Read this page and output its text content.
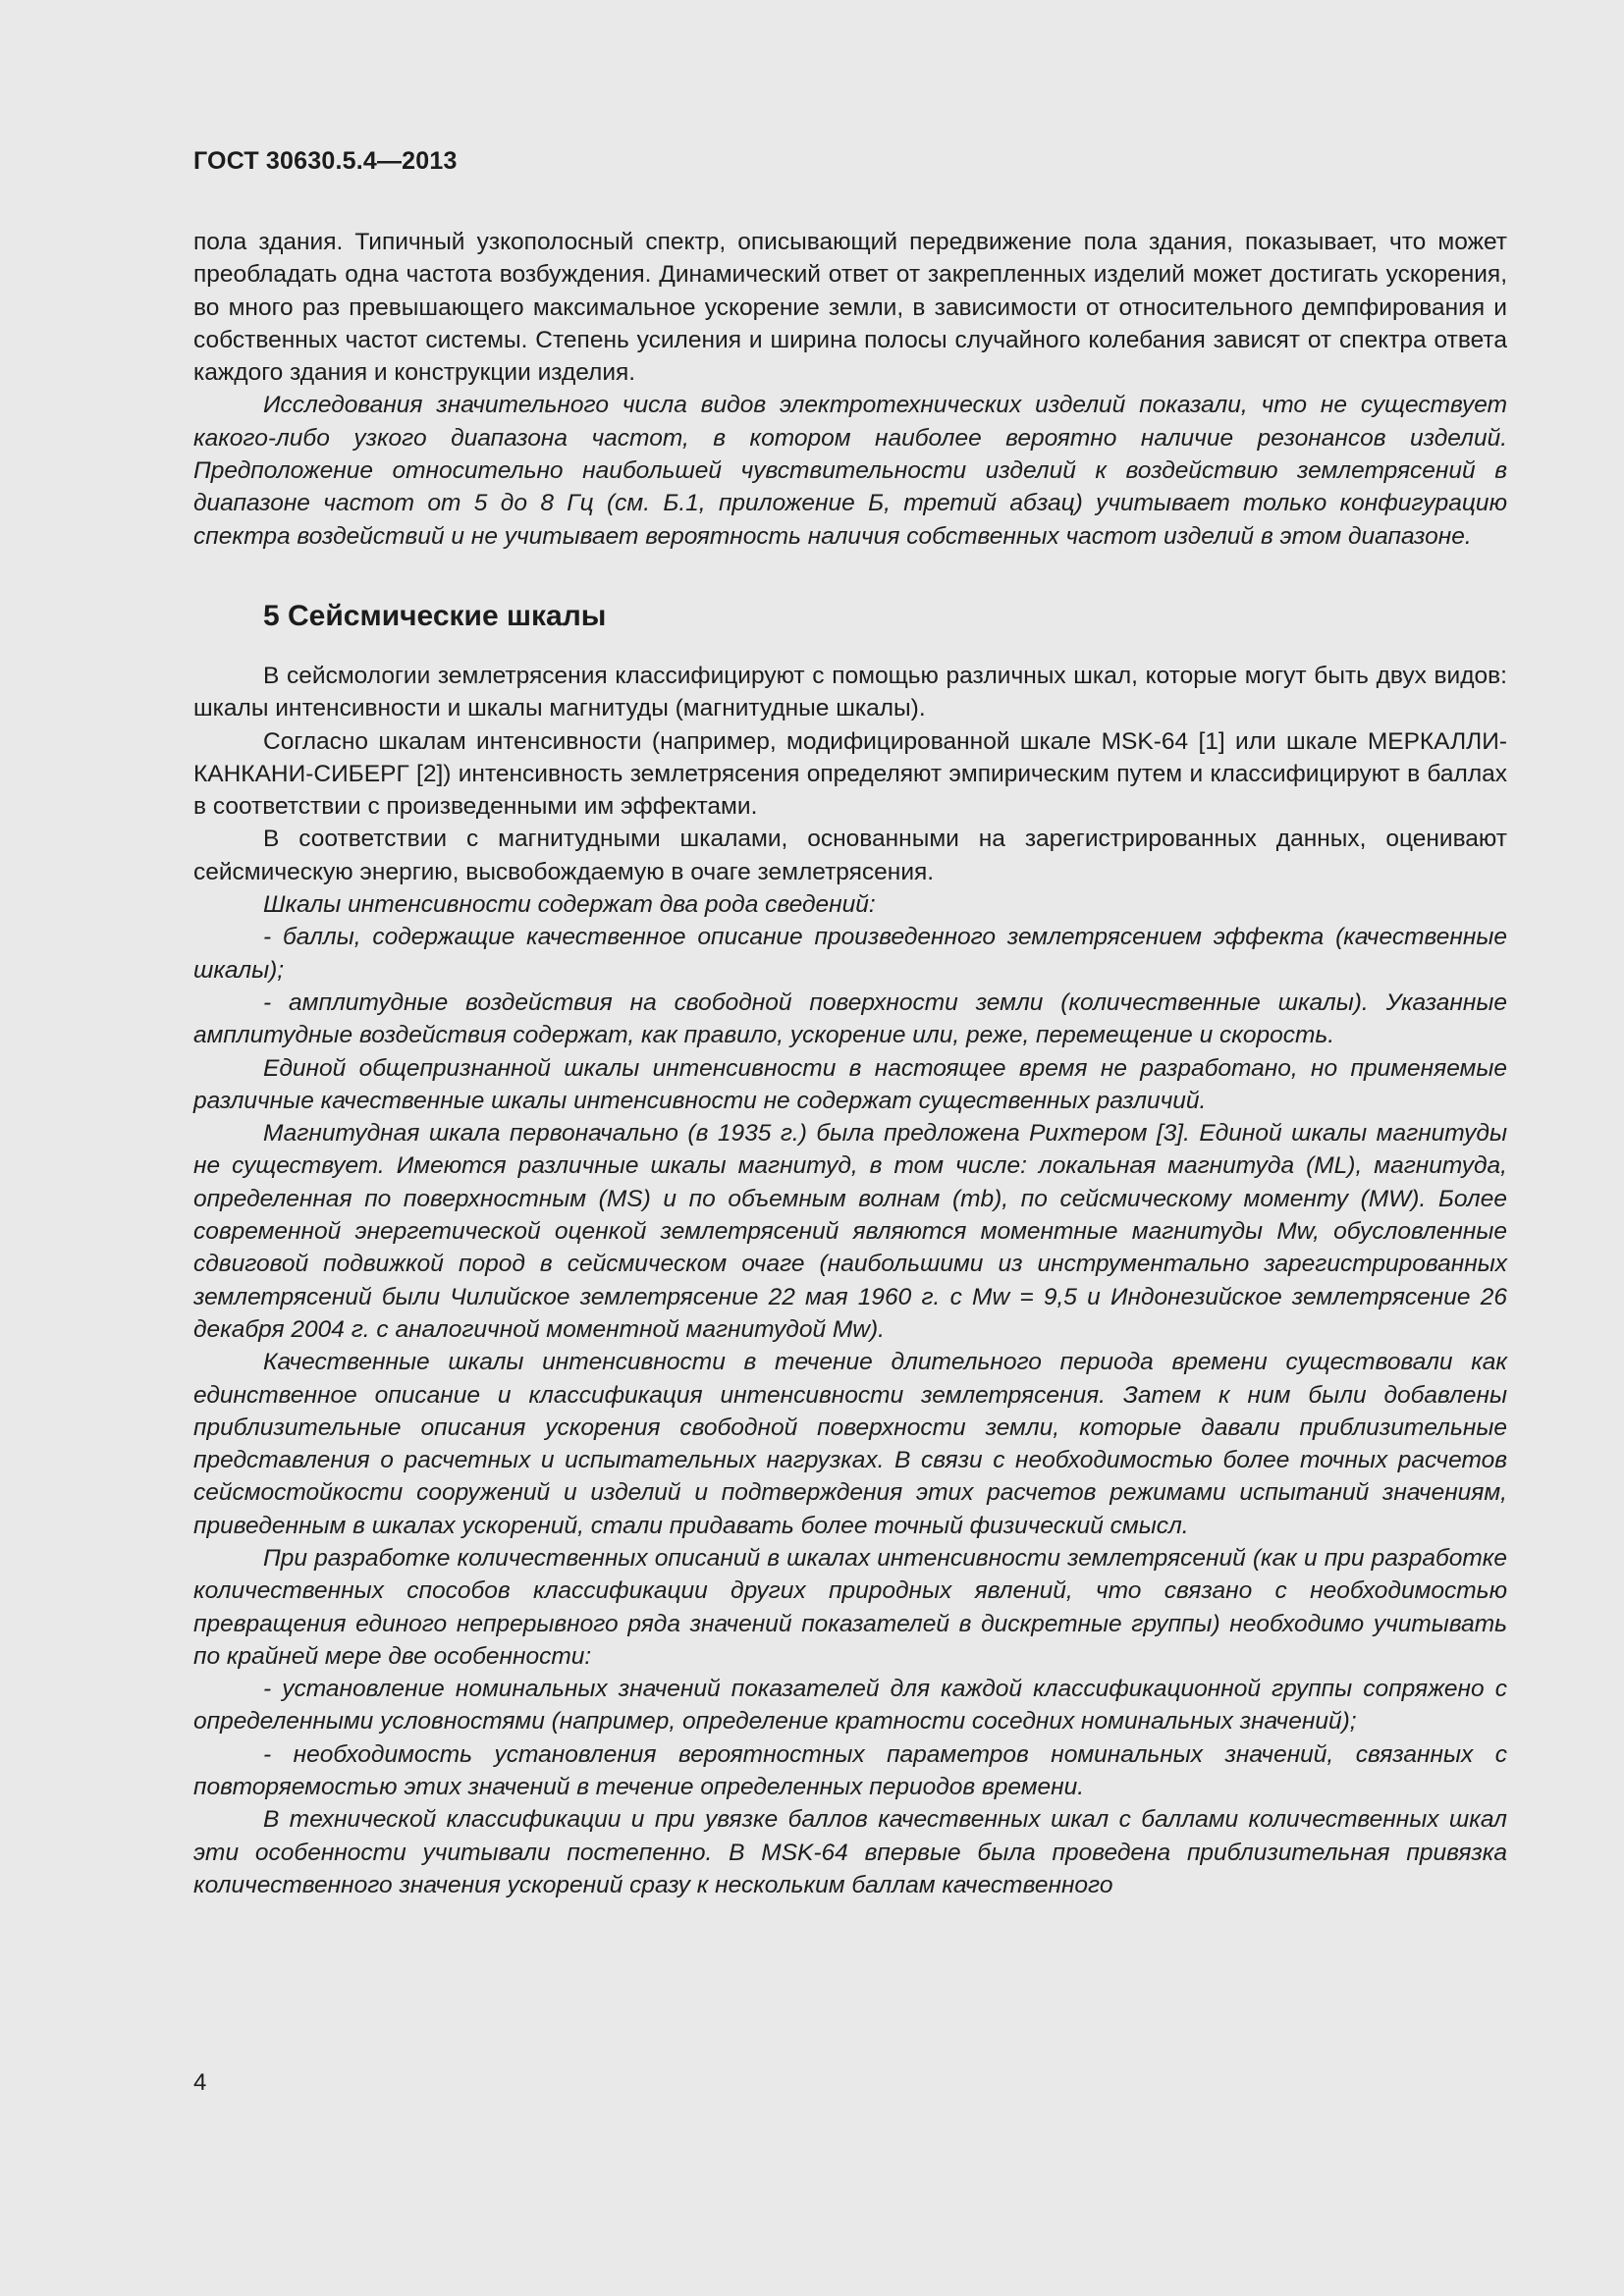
ГОСТ 30630.5.4—2013

пола здания. Типичный узкополосный спектр, описывающий передвижение пола здания, показывает, что может преобладать одна частота возбуждения. Динамический ответ от закрепленных изделий может достигать ускорения, во много раз превышающего максимальное ускорение земли, в зависимости от относительного демпфирования и собственных частот системы. Степень усиления и ширина полосы случайного колебания зависят от спектра ответа каждого здания и конструкции изделия.

Исследования значительного числа видов электротехнических изделий показали, что не существует какого-либо узкого диапазона частот, в котором наиболее вероятно наличие резонансов изделий. Предположение относительно наибольшей чувствительности изделий к воздействию землетрясений в диапазоне частот от 5 до 8 Гц (см. Б.1, приложение Б, третий абзац) учитывает только конфигурацию спектра воздействий и не учитывает вероятность наличия собственных частот изделий в этом диапазоне.

5 Сейсмические шкалы

В сейсмологии землетрясения классифицируют с помощью различных шкал, которые могут быть двух видов: шкалы интенсивности и шкалы магнитуды (магнитудные шкалы).

Согласно шкалам интенсивности (например, модифицированной шкале MSK-64 [1] или шкале МЕРКАЛЛИ-КАНКАНИ-СИБЕРГ [2]) интенсивность землетрясения определяют эмпирическим путем и классифицируют в баллах в соответствии с произведенными им эффектами.

В соответствии с магнитудными шкалами, основанными на зарегистрированных данных, оценивают сейсмическую энергию, высвобождаемую в очаге землетрясения.

Шкалы интенсивности содержат два рода сведений:

- баллы, содержащие качественное описание произведенного землетрясением эффекта (качественные шкалы);

- амплитудные воздействия на свободной поверхности земли (количественные шкалы). Указанные амплитудные воздействия содержат, как правило, ускорение или, реже, перемещение и скорость.

Единой общепризнанной шкалы интенсивности в настоящее время не разработано, но применяемые различные качественные шкалы интенсивности не содержат существенных различий.

Магнитудная шкала первоначально (в 1935 г.) была предложена Рихтером [3]. Единой шкалы магнитуды не существует. Имеются различные шкалы магнитуд, в том числе: локальная магнитуда (ML), магнитуда, определенная по поверхностным (MS) и по объемным волнам (mb), по сейсмическому моменту (MW). Более современной энергетической оценкой землетрясений являются моментные магнитуды Mw, обусловленные сдвиговой подвижкой пород в сейсмическом очаге (наибольшими из инструментально зарегистрированных землетрясений были Чилийское землетрясение 22 мая 1960 г. с Mw = 9,5 и Индонезийское землетрясение 26 декабря 2004 г. с аналогичной моментной магнитудой Mw).

Качественные шкалы интенсивности в течение длительного периода времени существовали как единственное описание и классификация интенсивности землетрясения. Затем к ним были добавлены приблизительные описания ускорения свободной поверхности земли, которые давали приблизительные представления о расчетных и испытательных нагрузках. В связи с необходимостью более точных расчетов сейсмостойкости сооружений и изделий и подтверждения этих расчетов режимами испытаний значениям, приведенным в шкалах ускорений, стали придавать более точный физический смысл.

При разработке количественных описаний в шкалах интенсивности землетрясений (как и при разработке количественных способов классификации других природных явлений, что связано с необходимостью превращения единого непрерывного ряда значений показателей в дискретные группы) необходимо учитывать по крайней мере две особенности:

- установление номинальных значений показателей для каждой классификационной группы сопряжено с определенными условностями (например, определение кратности соседних номинальных значений);

- необходимость установления вероятностных параметров номинальных значений, связанных с повторяемостью этих значений в течение определенных периодов времени.

В технической классификации и при увязке баллов качественных шкал с баллами количественных шкал эти особенности учитывали постепенно. В MSK-64 впервые была проведена приблизительная привязка количественного значения ускорений сразу к нескольким баллам качественного

4
